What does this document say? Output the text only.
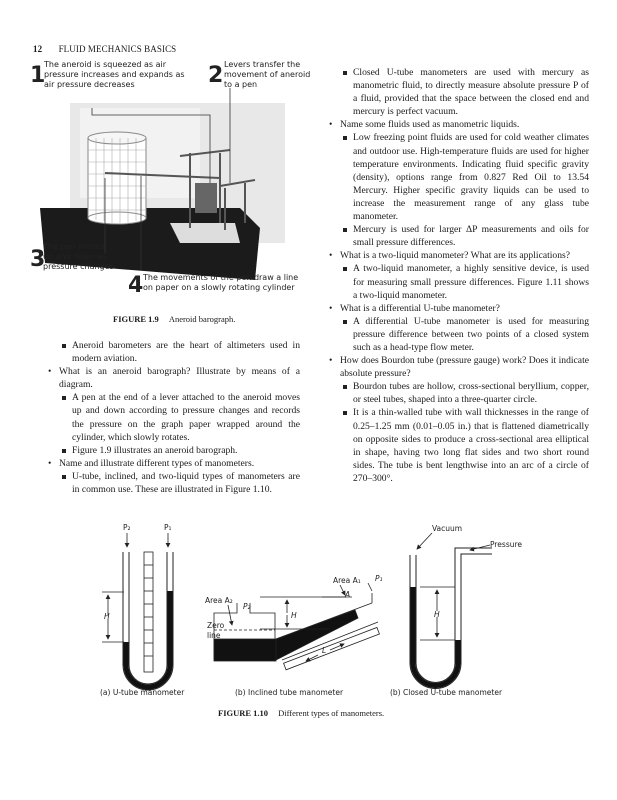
12 FLUID MECHANICS BASICS
1
The aneroid is squeezed as air
pressure increases and expands as
air pressure decreases	2 Levers transfer the
movement of aneroid
to a pen
3
The pen moves
up and down as
pressure changes
4 The movements of the pen draw a line
on paper on a slowly rotating cylinder
FIGURE 1.9 Aneroid barograph.
Aneroid barometers are the heart of altimeters used in modern aviation.
• What is an aneroid barograph? Illustrate by means of a diagram.
A pen at the end of a lever attached to the aneroid moves up and down according to pressure changes and records the pressure on the graph paper wrapped around the cylinder, which slowly rotates.
Figure 1.9 illustrates an aneroid barograph.
• Name and illustrate different types of manometers.
U-tube, inclined, and two-liquid types of manometers are in common use. These are illustrated in Figure 1.10.
Closed U-tube manometers are used with mercury as manometric fluid, to directly measure absolute pressure P of a fluid, provided that the space between the closed end and mercury is perfect vacuum.
• Name some fluids used as manometric liquids.
Low freezing point fluids are used for cold weather climates and outdoor use. High-temperature fluids are used for higher temperature environments. Indicating fluid specific gravity (density), options range from 0.827 Red Oil to 13.54 Mercury. Higher specific gravity liquids can be used to increase the measurement range of any glass tube manometer.
Mercury is used for larger ΔP measurements and oils for small pressure differences.
• What is a two-liquid manometer? What are its applications?
A two-liquid manometer, a highly sensitive device, is used for measuring small pressure differences. Figure 1.11 shows a two-liquid manometer.
• What is a differential U-tube manometer?
A differential U-tube manometer is used for measuring pressure difference between two points of a closed system such as a head-type flow meter.
• How does Bourdon tube (pressure gauge) work? Does it indicate absolute pressure?
Bourdon tubes are hollow, cross-sectional beryllium, copper, or steel tubes, shaped into a three-quarter circle.
It is a thin-walled tube with wall thicknesses in the range of 0.25–1.25 mm (0.01–0.05 in.) that is flattened diametrically on opposite sides to produce a cross-sectional area elliptical in shape, having two long flat sides and two short round sides. The tube is bent lengthwise into an arc of a circle of 270–300°.
P₂	P₁
H
(a) U-tube manometer
Area A₂
P₂
Zero
line
H
Area A₁ P₁
A
L
(b) Inclined tube manometer
Vacuum
Pressure
H
(b) Closed U-tube manometer
FIGURE 1.10 Different types of manometers.
